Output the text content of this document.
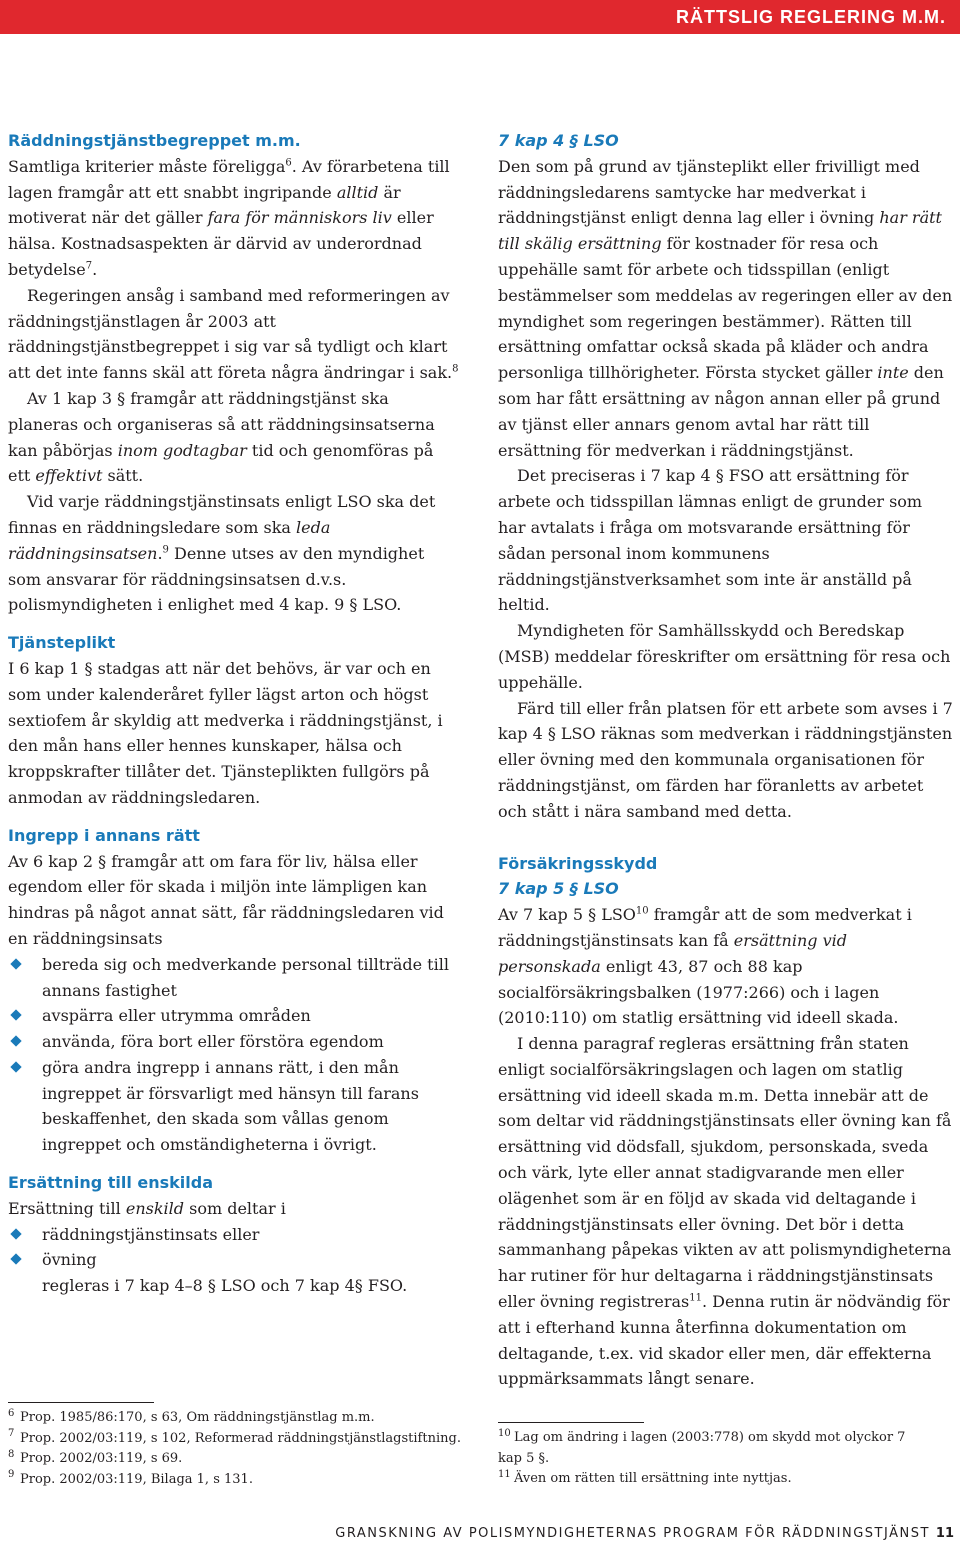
RÄTTSLIG REGLERING M.M.
Räddningstjänstbegreppet m.m.

Samtliga kriterier måste föreligga$^6$. Av förarbetena till lagen framgår att ett snabbt ingripande alltid är motiverat när det gäller fara för människors liv eller hälsa. Kostnadsaspekten är därvid av underordnad betydelse$^7$.

Regeringen ansåg i samband med reformeringen av räddningstjänstlagen år 2003 att räddningstjänstbegreppet i sig var så tydligt och klart att det inte fanns skäl att företa några ändringar i sak.$^8$

Av 1 kap 3 § framgår att räddningstjänst ska planeras och organiseras så att räddningsinsatserna kan påbörjas inom godtagbar tid och genomföras på ett effektivt sätt.

Vid varje räddningstjänstinsats enligt LSO ska det finnas en räddningsledare som ska leda räddningsinsatsen.$^9$ Denne utses av den myndighet som ansvarar för räddningsinsatsen d.v.s. polismyndigheten i enlighet med 4 kap. 9 § LSO.

Tjänsteplikt

I 6 kap 1 § stadgas att när det behövs, är var och en som under kalenderåret fyller lägst arton och högst sextiofem år skyldig att medverka i räddningstjänst, i den mån hans eller hennes kunskaper, hälsa och kroppskrafter tillåter det. Tjänsteplikten fullgörs på anmodan av räddningsledaren.

Ingrepp i annans rätt

Av 6 kap 2 § framgår att om fara för liv, hälsa eller egendom eller för skada i miljön inte lämpligen kan hindras på något annat sätt, får räddningsledaren vid en räddningsinsats

bereda sig och medverkande personal tillträde till annans fastighet
avspärra eller utrymma områden
använda, föra bort eller förstöra egendom
göra andra ingrepp i annans rätt, i den mån ingreppet är försvarligt med hänsyn till farans beskaffenhet, den skada som vållas genom ingreppet och omständigheterna i övrigt.
Ersättning till enskilda

Ersättning till enskild som deltar i

räddningstjänstinsats eller
övning

regleras i 7 kap 4–8 § LSO och 7 kap 4§ FSO.

7 kap 4 § LSO

Den som på grund av tjänsteplikt eller frivilligt med räddningsledarens samtycke har medverkat i räddningstjänst enligt denna lag eller i övning har rätt till skälig ersättning för kostnader för resa och uppehälle samt för arbete och tidsspillan (enligt bestämmelser som meddelas av regeringen eller av den myndighet som regeringen bestämmer). Rätten till ersättning omfattar också skada på kläder och andra personliga tillhörigheter. Första stycket gäller inte den som har fått ersättning av någon annan eller på grund av tjänst eller annars genom avtal har rätt till ersättning för medverkan i räddningstjänst.

Det preciseras i 7 kap 4 § FSO att ersättning för arbete och tidsspillan lämnas enligt de grunder som har avtalats i fråga om motsvarande ersättning för sådan personal inom kommunens räddningstjänstverksamhet som inte är anställd på heltid.

Myndigheten för Samhällsskydd och Beredskap (MSB) meddelar föreskrifter om ersättning för resa och uppehälle.

Färd till eller från platsen för ett arbete som avses i 7 kap 4 § LSO räknas som medverkan i räddningstjänsten eller övning med den kommunala organisationen för räddningstjänst, om färden har föranletts av arbetet och stått i nära samband med detta.

Försäkringsskydd
7 kap 5 § LSO

Av 7 kap 5 § LSO$^{10}$ framgår att de som medverkat i räddningstjänstinsats kan få ersättning vid personskada enligt 43, 87 och 88 kap socialförsäkringsbalken (1977:266) och i lagen (2010:110) om statlig ersättning vid ideell skada.

I denna paragraf regleras ersättning från staten enligt socialförsäkringslagen och lagen om statlig ersättning vid ideell skada m.m. Detta innebär att de som deltar vid räddningstjänstinsats eller övning kan få ersättning vid dödsfall, sjukdom, personskada, sveda och värk, lyte eller annat stadigvarande men eller olägenhet som är en följd av skada vid deltagande i räddningstjänstinsats eller övning. Det bör i detta sammanhang påpekas vikten av att polismyndigheterna har rutiner för hur deltagarna i räddningstjänstinsats eller övning registreras$^{11}$. Denna rutin är nödvändig för att i efterhand kunna återfinna dokumentation om deltagande, t.ex. vid skador eller men, där effekterna uppmärksammats långt senare.

6 Prop. 1985/86:170, s 63, Om räddningstjänstlag m.m.

7 Prop. 2002/03:119, s 102, Reformerad räddningstjänstlagstiftning.

8 Prop. 2002/03:119, s 69.

9 Prop. 2002/03:119, Bilaga 1, s 131.

10 Lag om ändring i lagen (2003:778) om skydd mot olyckor 7 kap 5 §.

11 Även om rätten till ersättning inte nyttjas.

GRANSKNING AV POLISMYNDIGHETERNAS PROGRAM FÖR RÄDDNINGSTJÄNST 11
